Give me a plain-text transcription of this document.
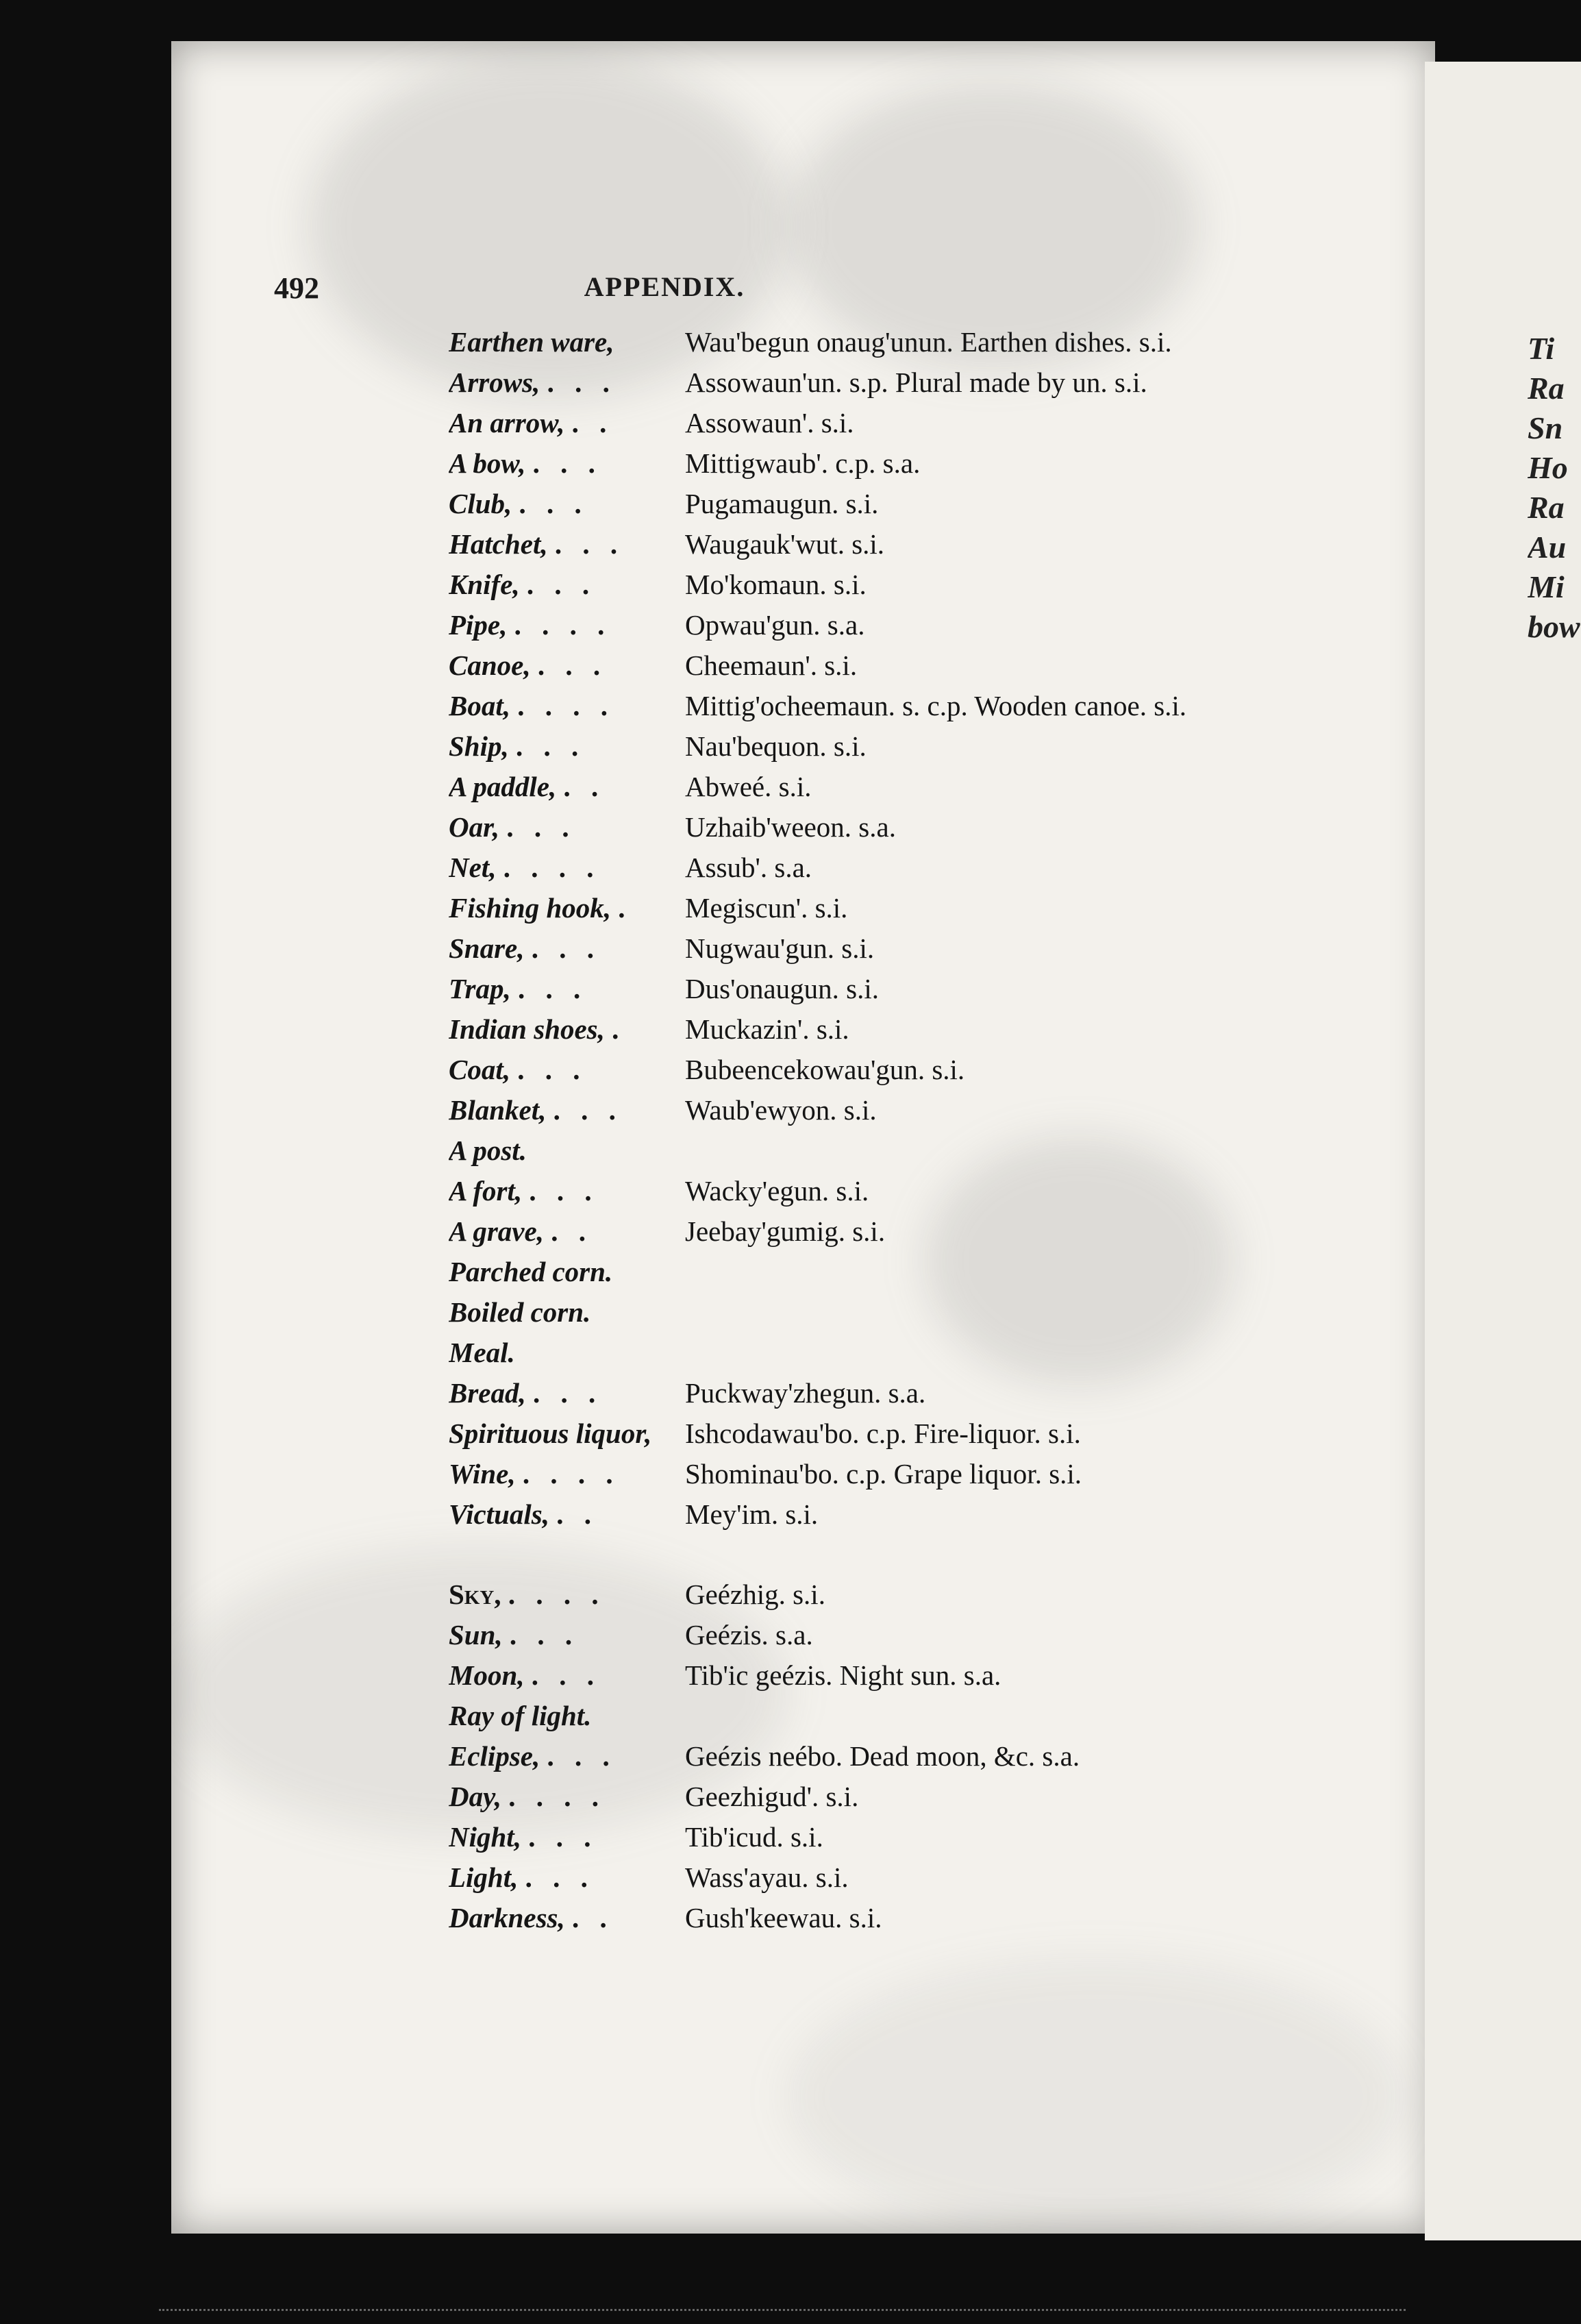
492	APPENDIX.
Earthen ware,	Wau'begun onaug'unun. Earthen dishes. s.i.
Arrows, . . .	Assowaun'un. s.p. Plural made by un. s.i.
An arrow, . .	Assowaun'. s.i.
A bow, . . .	Mittigwaub'. c.p. s.a.
Club, . . .	Pugamaugun. s.i.
Hatchet, . . .	Waugauk'wut. s.i.
Knife, . . .	Mo'komaun. s.i.
Pipe, . . . .	Opwau'gun. s.a.
Canoe, . . .	Cheemaun'. s.i.
Boat, . . . .	Mittig'ocheemaun. s. c.p. Wooden canoe. s.i.
Ship, . . .	Nau'bequon. s.i.
A paddle, . .	Abweé. s.i.
Oar, . . .	Uzhaib'weeon. s.a.
Net, . . . .	Assub'. s.a.
Fishing hook, .	Megiscun'. s.i.
Snare, . . .	Nugwau'gun. s.i.
Trap, . . .	Dus'onaugun. s.i.
Indian shoes, .	Muckazin'. s.i.
Coat, . . .	Bubeencekowau'gun. s.i.
Blanket, . . .	Waub'ewyon. s.i.
A post.
A fort, . . .	Wacky'egun. s.i.
A grave, . .	Jeebay'gumig. s.i.
Parched corn.
Boiled corn.
Meal.
Bread, . . .	Puckway'zhegun. s.a.
Spirituous liquor,	Ishcodawau'bo. c.p. Fire-liquor. s.i.
Wine, . . . .	Shominau'bo. c.p. Grape liquor. s.i.
Victuals, . .	Mey'im. s.i.
Sky, . . . .	Geézhig. s.i.
Sun, . . .	Geézis. s.a.
Moon, . . .	Tib'ic geézis. Night sun. s.a.
Ray of light.
Eclipse, . . .	Geézis neébo. Dead moon, &c. s.a.
Day, . . . .	Geezhigud'. s.i.
Night, . . .	Tib'icud. s.i.
Light, . . .	Wass'ayau. s.i.
Darkness, . .	Gush'keewau. s.i.
Ti
Ra
Sn
Ho
Ra
Au
Mi
bow
